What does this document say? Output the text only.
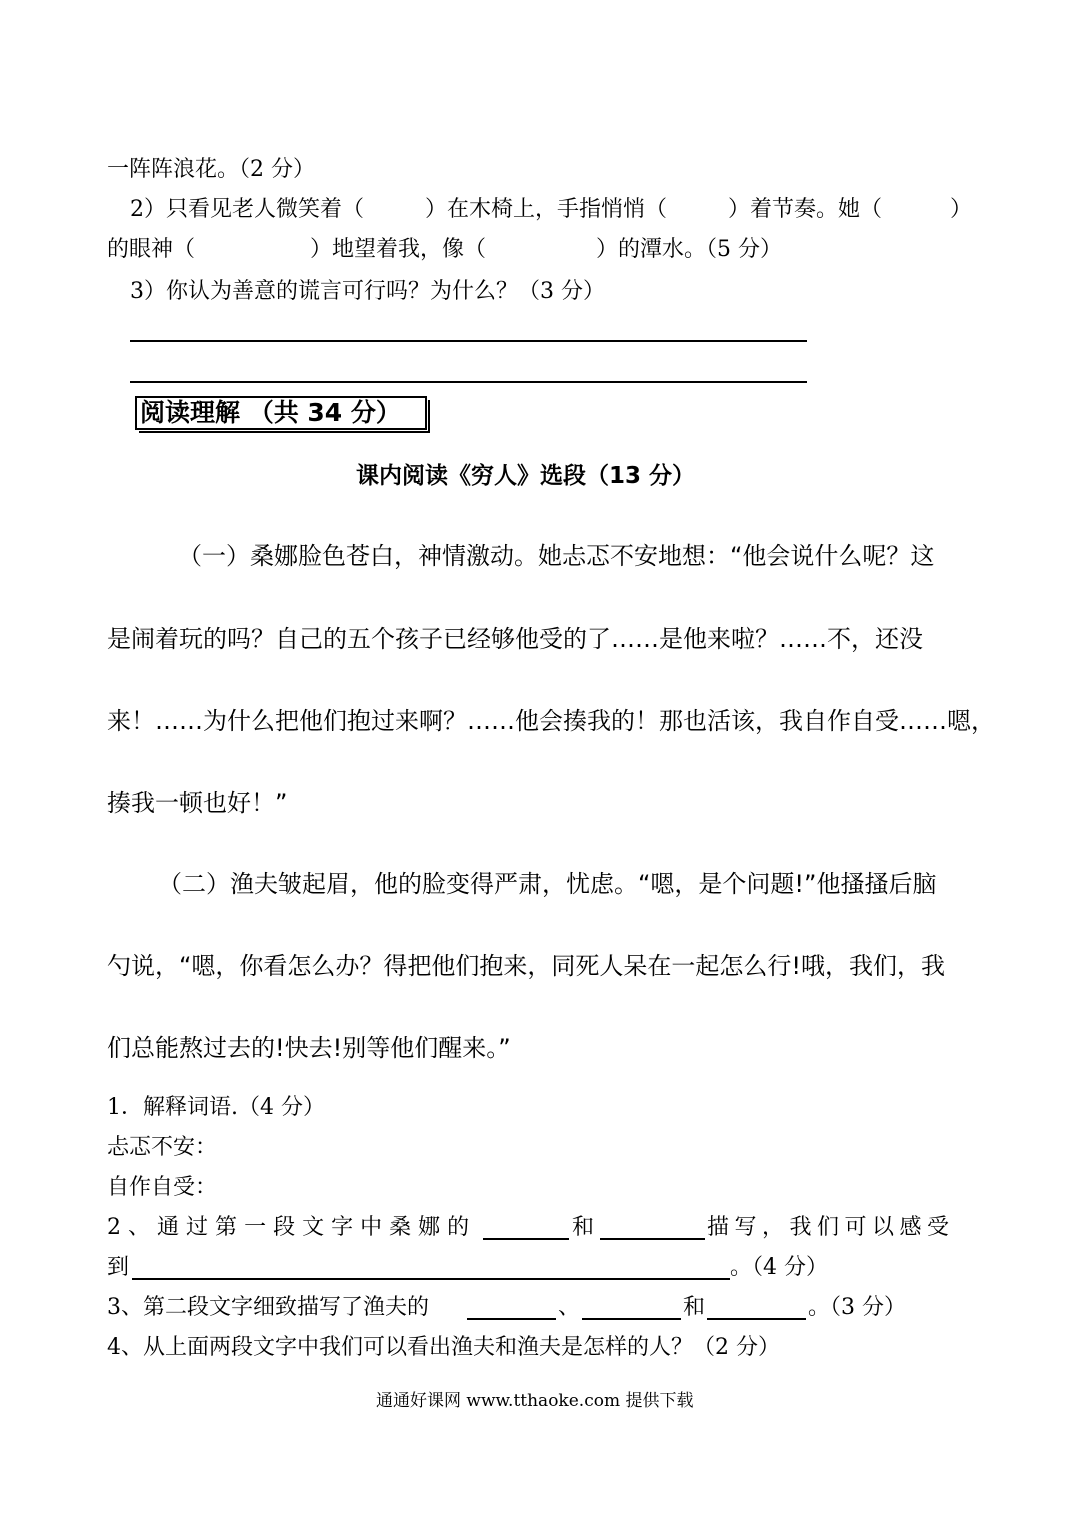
一阵阵浪花。（2 分）
2）只看见老人微笑着（	）在木椅上，手指悄悄（	）着节奏。她（	）
的眼神（	）地望着我，像（	）的潭水。（5 分）
3）你认为善意的谎言可行吗？为什么？（3 分）
阅读理解 （共 34 分）
课内阅读《穷人》选段（13 分）
（一）桑娜脸色苍白，神情激动。她忐忑不安地想：“他会说什么呢？这
是闹着玩的吗？自己的五个孩子已经够他受的了……是他来啦？……不，还没
来！……为什么把他们抱过来啊？……他会揍我的！那也活该，我自作自受……嗯，
揍我一顿也好！”
（二）渔夫皱起眉，他的脸变得严肃，忧虑。“嗯，是个问题!”他搔搔后脑
勺说，“嗯，你看怎么办？得把他们抱来，同死人呆在一起怎么行!哦，我们，我
们总能熬过去的!快去!别等他们醒来。”
1．解释词语.（4 分）
忐忑不安：
自作自受：
2 、 通 过 第 一 段 文 字 中 桑 娜 的	和	描写，我们可以感受
到	。（4 分）
3、第二段文字细致描写了渔夫的	、	和	。（3 分）
4、从上面两段文字中我们可以看出渔夫和渔夫是怎样的人？（2 分）
通通好课网 www.tthaoke.com 提供下载
